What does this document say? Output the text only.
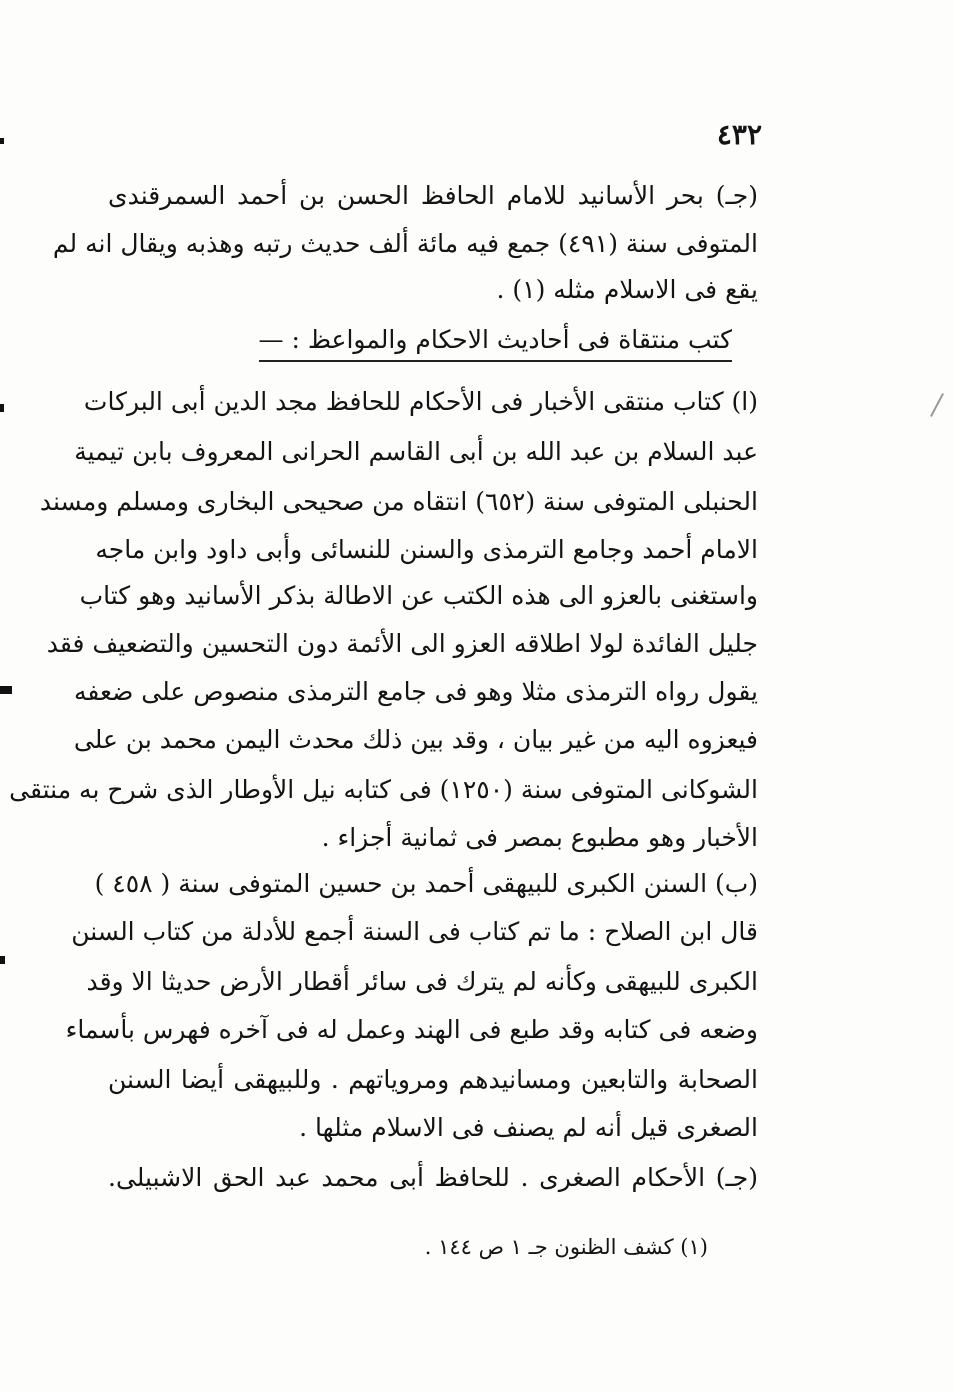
٤٣٢
(جـ) بحر الأسانيد للامام الحافظ الحسن بن أحمد السمرقندى
المتوفى سنة (٤٩١) جمع فيه مائة ألف حديث رتبه وهذبه ويقال انه لم
يقع فى الاسلام مثله (١) .
كتب منتقاة فى أحاديث الاحكام والمواعظ : —
(ا) كتاب منتقى الأخبار فى الأحكام للحافظ مجد الدين أبى البركات
عبد السلام بن عبد الله بن أبى القاسم الحرانى المعروف بابن تيمية
الحنبلى المتوفى سنة (٦٥٢) انتقاه من صحيحى البخارى ومسلم ومسند
الامام أحمد وجامع الترمذى والسنن للنسائى وأبى داود وابن ماجه
واستغنى بالعزو الى هذه الكتب عن الاطالة بذكر الأسانيد وهو كتاب
جليل الفائدة لولا اطلاقه العزو الى الأئمة دون التحسين والتضعيف فقد
يقول رواه الترمذى مثلا وهو فى جامع الترمذى منصوص على ضعفه
فيعزوه اليه من غير بيان ، وقد بين ذلك محدث اليمن محمد بن على
الشوكانى المتوفى سنة (١٢٥٠) فى كتابه نيل الأوطار الذى شرح به منتقى
الأخبار وهو مطبوع بمصر فى ثمانية أجزاء .
(ب) السنن الكبرى للبيهقى أحمد بن حسين المتوفى سنة ( ٤٥٨ )
قال ابن الصلاح : ما تم كتاب فى السنة أجمع للأدلة من كتاب السنن
الكبرى للبيهقى وكأنه لم يترك فى سائر أقطار الأرض حديثا الا وقد
وضعه فى كتابه وقد طبع فى الهند وعمل له فى آخره فهرس بأسماء
الصحابة والتابعين ومسانيدهم ومروياتهم . وللبيهقى أيضا السنن
الصغرى قيل أنه لم يصنف فى الاسلام مثلها .
(جـ) الأحكام الصغرى . للحافظ أبى محمد عبد الحق الاشبيلى.
(١) كشف الظنون جـ ١ ص ١٤٤ .
